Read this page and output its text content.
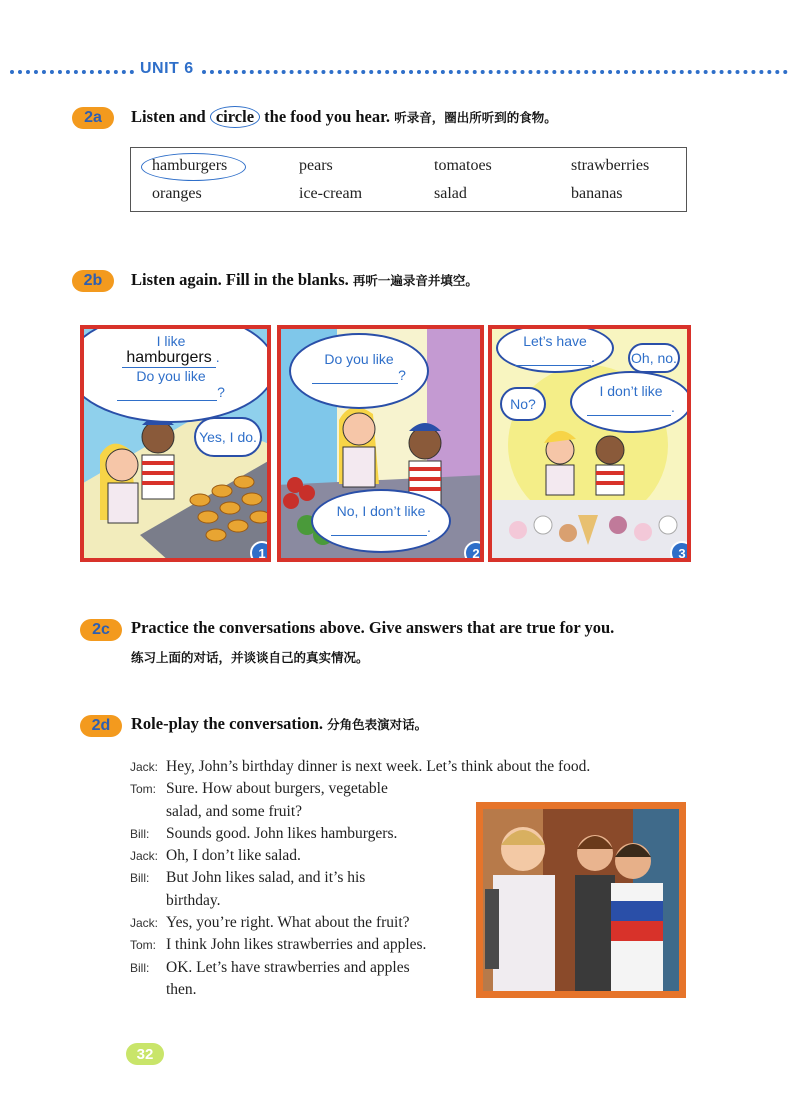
UNIT 6
2a	Listen and circle the food you hear. 听录音，圈出所听到的食物。
hamburgers	pears	tomatoes	strawberries
oranges	ice-cream	salad	bananas
2b	Listen again. Fill in the blanks. 再听一遍录音并填空。
I like
hamburgers .
Do you like
?
Yes, I do.
1
Do you like
?
No, I don’t like
.
2
Let’s have
.	Oh, no.
I don’t like
.
No?
3
2c	Practice the conversations above. Give answers that are true for you.
练习上面的对话，并谈谈自己的真实情况。
2d	Role-play the conversation. 分角色表演对话。
Jack: Hey, John’s birthday dinner is next week. Let’s think about the food.
Tom: Sure. How about burgers, vegetable
salad, and some fruit?
Bill: Sounds good. John likes hamburgers.
Jack: Oh, I don’t like salad.
Bill: But John likes salad, and it’s his
birthday.
Jack: Yes, you’re right. What about the fruit?
Tom: I think John likes strawberries and apples.
Bill: OK. Let’s have strawberries and apples
then.
32
